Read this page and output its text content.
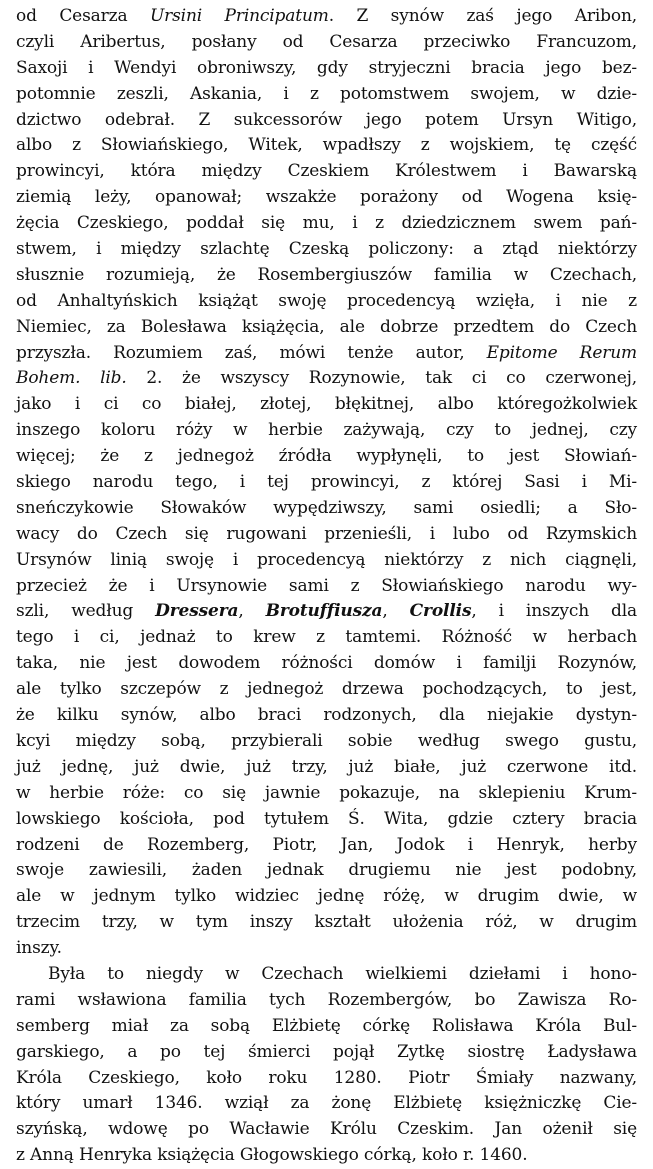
od Cesarza Ursini Principatum. Z synów zaś jego Aribon,
czyli Aribertus, posłany od Cesarza przeciwko Francuzom,
Saxoji i Wendyi obroniwszy, gdy stryjeczni bracia jego bez-
potomnie zeszli, Askania, i z potomstwem swojem, w dzie-
dzictwo odebrał. Z sukcessorów jego potem Ursyn Witigo,
albo z Słowiańskiego, Witek, wpadłszy z wojskiem, tę część
prowincyi, która między Czeskiem Królestwem i Bawarską
ziemią leży, opanował; wszakże porażony od Wogena księ-
żęcia Czeskiego, poddał się mu, i z dziedzicznem swem pań-
stwem, i między szlachtę Czeską policzony: a ztąd niektórzy
słusznie rozumieją, że Rosembergiuszów familia w Czechach,
od Anhaltyńskich książąt swoję procedencyą wzięła, i nie z
Niemiec, za Bolesława książęcia, ale dobrze przedtem do Czech
przyszła. Rozumiem zaś, mówi tenże autor, Epitome Rerum
Bohem. lib. 2. że wszyscy Rozynowie, tak ci co czerwonej,
jako i ci co białej, złotej, błękitnej, albo któregożkolwiek
inszego koloru róży w herbie zażywają, czy to jednej, czy
więcej; że z jednegoż źródła wypłynęli, to jest Słowiań-
skiego narodu tego, i tej prowincyi, z której Sasi i Mi-
snеńczykowie Słowaków wypędziwszy, sami osiedli; a Sło-
wacy do Czech się rugowani przenieśli, i lubo od Rzymskich
Ursynów linią swoję i procedencyą niektórzy z nich ciągnęli,
przecież że i Ursynowie sami z Słowiańskiego narodu wy-
szli, według Dressera, Brotuffiusza, Crollis, i inszych dla
tego i ci, jednaż to krew z tamtemi. Różność w herbach
taka, nie jest dowodem różności domów i familji Rozynów,
ale tylko szczepów z jednegoż drzewa pochodzących, to jest,
że kilku synów, albo braci rodzonych, dla niejakie dystyn-
kcyi między sobą, przybierali sobie według swego gustu,
już jednę, już dwie, już trzy, już białe, już czerwone itd.
w herbie róże: co się jawnie pokazuje, na sklepieniu Krum-
lowskiego kościoła, pod tytułem Ś. Wita, gdzie cztery bracia
rodzeni de Rozemberg, Piotr, Jan, Jodok i Henryk, herby
swoje zawiesili, żaden jednak drugiemu nie jest podobny,
ale w jednym tylko widziec jednę różę, w drugim dwie, w
trzecim trzy, w tym inszy kształt ułożenia róż, w drugim
inszy.
Była to niegdy w Czechach wielkiemi dziełami i hono-
rami wsławiona familia tych Rozembergów, bo Zawisza Ro-
semberg miał za sobą Elżbietę córkę Rolisława Króla Bul-
garskiego, a po tej śmierci pojął Zytkę siostrę Ładysława
Króla Czeskiego, koło roku 1280. Piotr Śmiały nazwany,
który umarł 1346. wziął za żonę Elżbietę księżniczkę Cie-
szyńską, wdowę po Wacławie Królu Czeskim. Jan ożenił się
z Anną Henryka książęcia Głogowskiego córką, koło r. 1460.
